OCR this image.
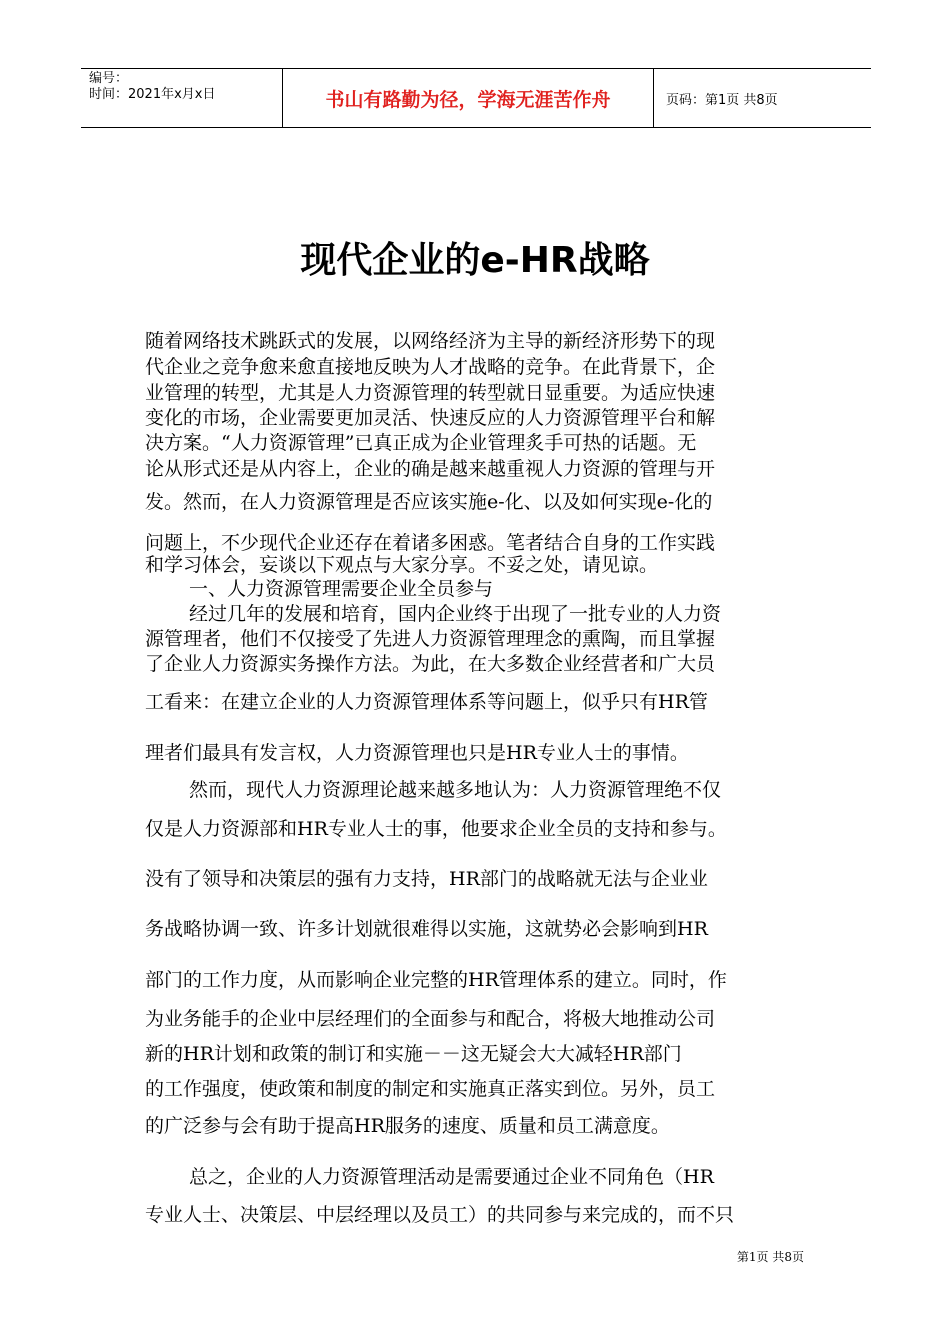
编号：
时间：2021年x月x日	书山有路勤为径，学海无涯苦作舟	页码：第1页 共8页
现代企业的e-HR战略
随着网络技术跳跃式的发展，以网络经济为主导的新经济形势下的现
代企业之竞争愈来愈直接地反映为人才战略的竞争。在此背景下，企
业管理的转型，尤其是人力资源管理的转型就日显重要。为适应快速
变化的市场，企业需要更加灵活、快速反应的人力资源管理平台和解
决方案。“人力资源管理”已真正成为企业管理炙手可热的话题。无
论从形式还是从内容上，企业的确是越来越重视人力资源的管理与开
发。然而，在人力资源管理是否应该实施e-化、以及如何实现e-化的
问题上，不少现代企业还存在着诸多困惑。笔者结合自身的工作实践
和学习体会，妄谈以下观点与大家分享。不妥之处，请见谅。
一、人力资源管理需要企业全员参与
经过几年的发展和培育，国内企业终于出现了一批专业的人力资
源管理者，他们不仅接受了先进人力资源管理理念的熏陶，而且掌握
了企业人力资源实务操作方法。为此，在大多数企业经营者和广大员
工看来：在建立企业的人力资源管理体系等问题上，似乎只有HR管
理者们最具有发言权，人力资源管理也只是HR专业人士的事情。
然而，现代人力资源理论越来越多地认为：人力资源管理绝不仅
仅是人力资源部和HR专业人士的事，他要求企业全员的支持和参与。
没有了领导和决策层的强有力支持，HR部门的战略就无法与企业业
务战略协调一致、许多计划就很难得以实施，这就势必会影响到HR
部门的工作力度，从而影响企业完整的HR管理体系的建立。同时，作
为业务能手的企业中层经理们的全面参与和配合，将极大地推动公司
新的HR计划和政策的制订和实施－－这无疑会大大减轻HR部门
的工作强度，使政策和制度的制定和实施真正落实到位。另外，员工
的广泛参与会有助于提高HR服务的速度、质量和员工满意度。
总之，企业的人力资源管理活动是需要通过企业不同角色（HR
专业人士、决策层、中层经理以及员工）的共同参与来完成的，而不只
第1页 共8页
